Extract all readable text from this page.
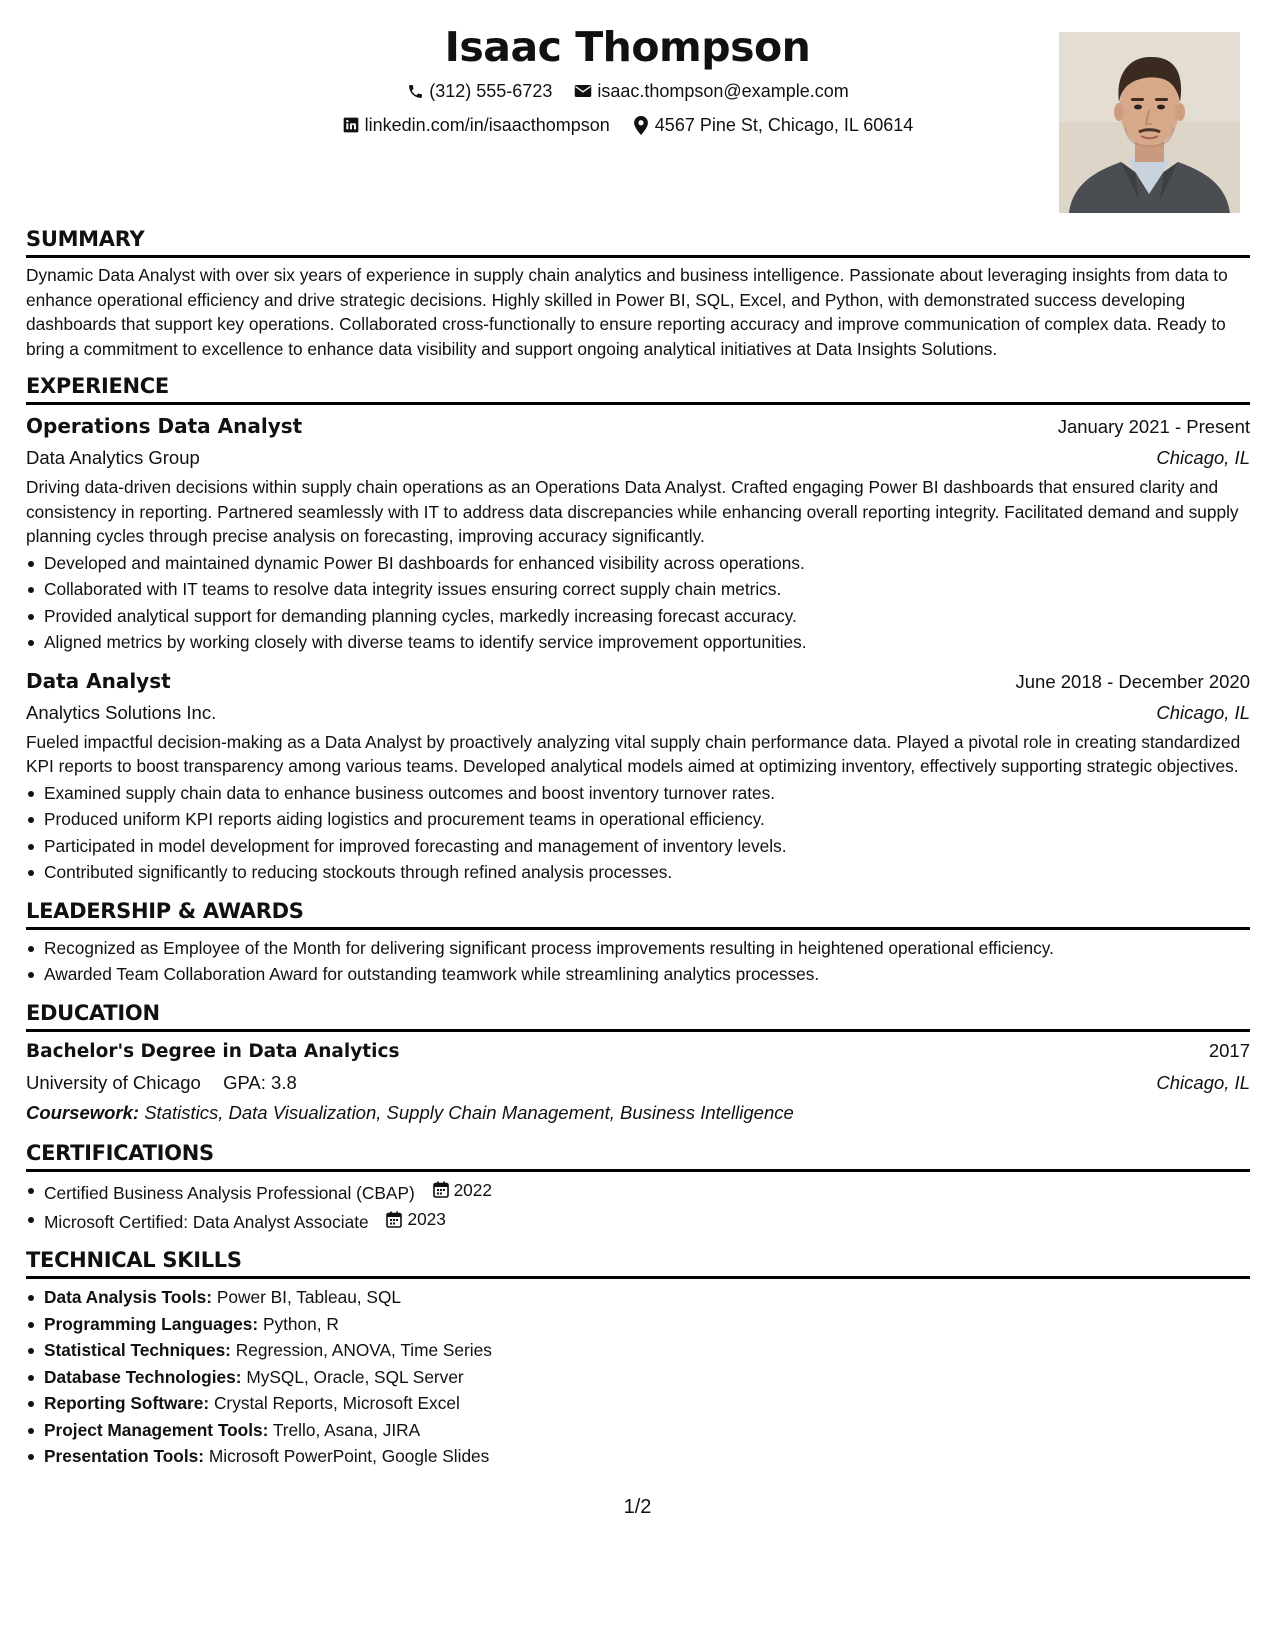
Isaac Thompson
(312) 555-6723	isaac.thompson@example.com
linkedin.com/in/isaacthompson	4567 Pine St, Chicago, IL 60614
SUMMARY

Dynamic Data Analyst with over six years of experience in supply chain analytics and business intelligence. Passionate about leveraging insights from data to enhance operational efficiency and drive strategic decisions. Highly skilled in Power BI, SQL, Excel, and Python, with demonstrated success developing dashboards that support key operations. Collaborated cross-functionally to ensure reporting accuracy and improve communication of complex data. Ready to bring a commitment to excellence to enhance data visibility and support ongoing analytical initiatives at Data Insights Solutions.

EXPERIENCE
Operations Data Analyst	January 2021 - Present
Data Analytics Group	Chicago, IL

Driving data-driven decisions within supply chain operations as an Operations Data Analyst. Crafted engaging Power BI dashboards that ensured clarity and consistency in reporting. Partnered seamlessly with IT to address data discrepancies while enhancing overall reporting integrity. Facilitated demand and supply planning cycles through precise analysis on forecasting, improving accuracy significantly.

Developed and maintained dynamic Power BI dashboards for enhanced visibility across operations.
Collaborated with IT teams to resolve data integrity issues ensuring correct supply chain metrics.
Provided analytical support for demanding planning cycles, markedly increasing forecast accuracy.
Aligned metrics by working closely with diverse teams to identify service improvement opportunities.
Data Analyst	June 2018 - December 2020
Analytics Solutions Inc.	Chicago, IL

Fueled impactful decision-making as a Data Analyst by proactively analyzing vital supply chain performance data. Played a pivotal role in creating standardized KPI reports to boost transparency among various teams. Developed analytical models aimed at optimizing inventory, effectively supporting strategic objectives.

Examined supply chain data to enhance business outcomes and boost inventory turnover rates.
Produced uniform KPI reports aiding logistics and procurement teams in operational efficiency.
Participated in model development for improved forecasting and management of inventory levels.
Contributed significantly to reducing stockouts through refined analysis processes.
LEADERSHIP & AWARDS
Recognized as Employee of the Month for delivering significant process improvements resulting in heightened operational efficiency.
Awarded Team Collaboration Award for outstanding teamwork while streamlining analytics processes.
EDUCATION
Bachelor's Degree in Data Analytics	2017
University of Chicago GPA: 3.8	Chicago, IL
Coursework: Statistics, Data Visualization, Supply Chain Management, Business Intelligence
CERTIFICATIONS
Certified Business Analysis Professional (CBAP) 2022
Microsoft Certified: Data Analyst Associate 2023
TECHNICAL SKILLS
Data Analysis Tools: Power BI, Tableau, SQL
Programming Languages: Python, R
Statistical Techniques: Regression, ANOVA, Time Series
Database Technologies: MySQL, Oracle, SQL Server
Reporting Software: Crystal Reports, Microsoft Excel
Project Management Tools: Trello, Asana, JIRA
Presentation Tools: Microsoft PowerPoint, Google Slides
1/2
